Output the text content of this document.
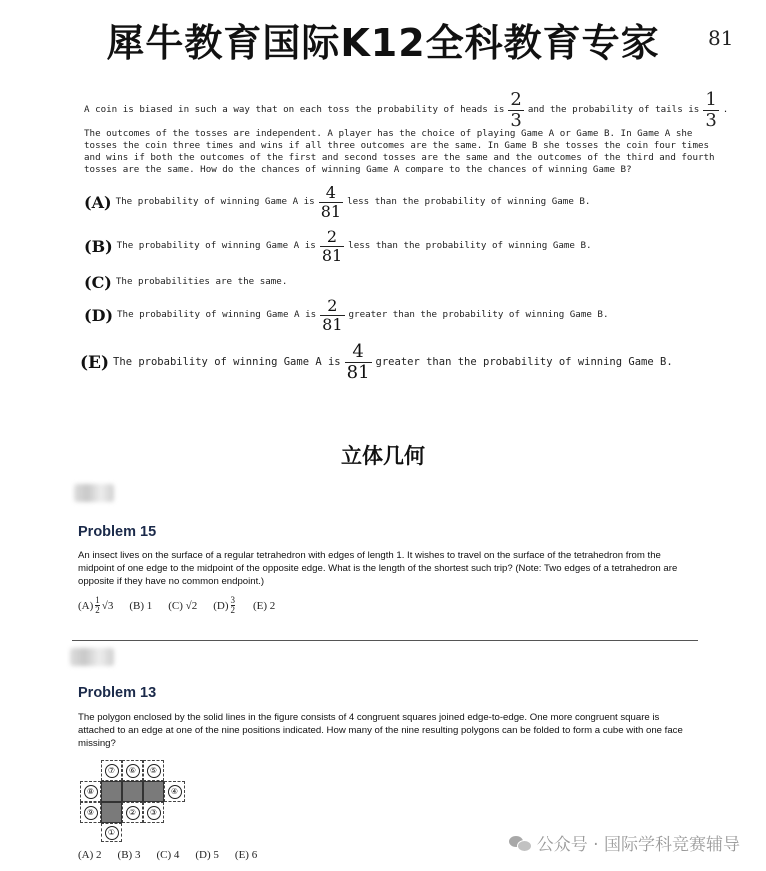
犀牛教育国际K12全科教育专家	81
A coin is biased in such a way that on each toss the probability of heads is $\frac{2}{3}$ and the probability of tails is $\frac{1}{3}$ .
The outcomes of the tosses are independent. A player has the choice of playing Game A or Game B. In Game A she
tosses the coin three times and wins if all three outcomes are the same. In Game B she tosses the coin four times
and wins if both the outcomes of the first and second tosses are the same and the outcomes of the third and fourth
tosses are the same. How do the chances of winning Game A compare to the chances of winning Game B?
(A) The probability of winning Game A is $\frac{4}{81}$ less than the probability of winning Game B.
(B) The probability of winning Game A is $\frac{2}{81}$ less than the probability of winning Game B.
(C) The probabilities are the same.
(D) The probability of winning Game A is $\frac{2}{81}$ greater than the probability of winning Game B.
(E) The probability of winning Game A is $\frac{4}{81}$ greater than the probability of winning Game B.
立体几何
Problem 15
An insect lives on the surface of a regular tetrahedron with edges of length 1. It wishes to travel on the surface of the tetrahedron from the
midpoint of one edge to the midpoint of the opposite edge. What is the length of the shortest such trip? (Note: Two edges of a tetrahedron are
opposite if they have no common endpoint.)
$(A) \frac{1}{2} √3$ (B) 1 (C)
√2 $(D) \frac{3}{2} (E)$ 2
Problem 13
The polygon enclosed by the solid lines in the figure consists of 4 congruent squares joined edge-to-edge. One more congruent square is
attached to an edge at one of the nine positions indicated. How many of the nine resulting polygons can be folded to form a cube with one face
missing?
⑦	⑥	⑤
⑧	④
⑨	②	③
①
(A) 2 (B) 3 (C) 4 (D) 5 (E) 6	公众号 · 国际学科竞赛辅导
